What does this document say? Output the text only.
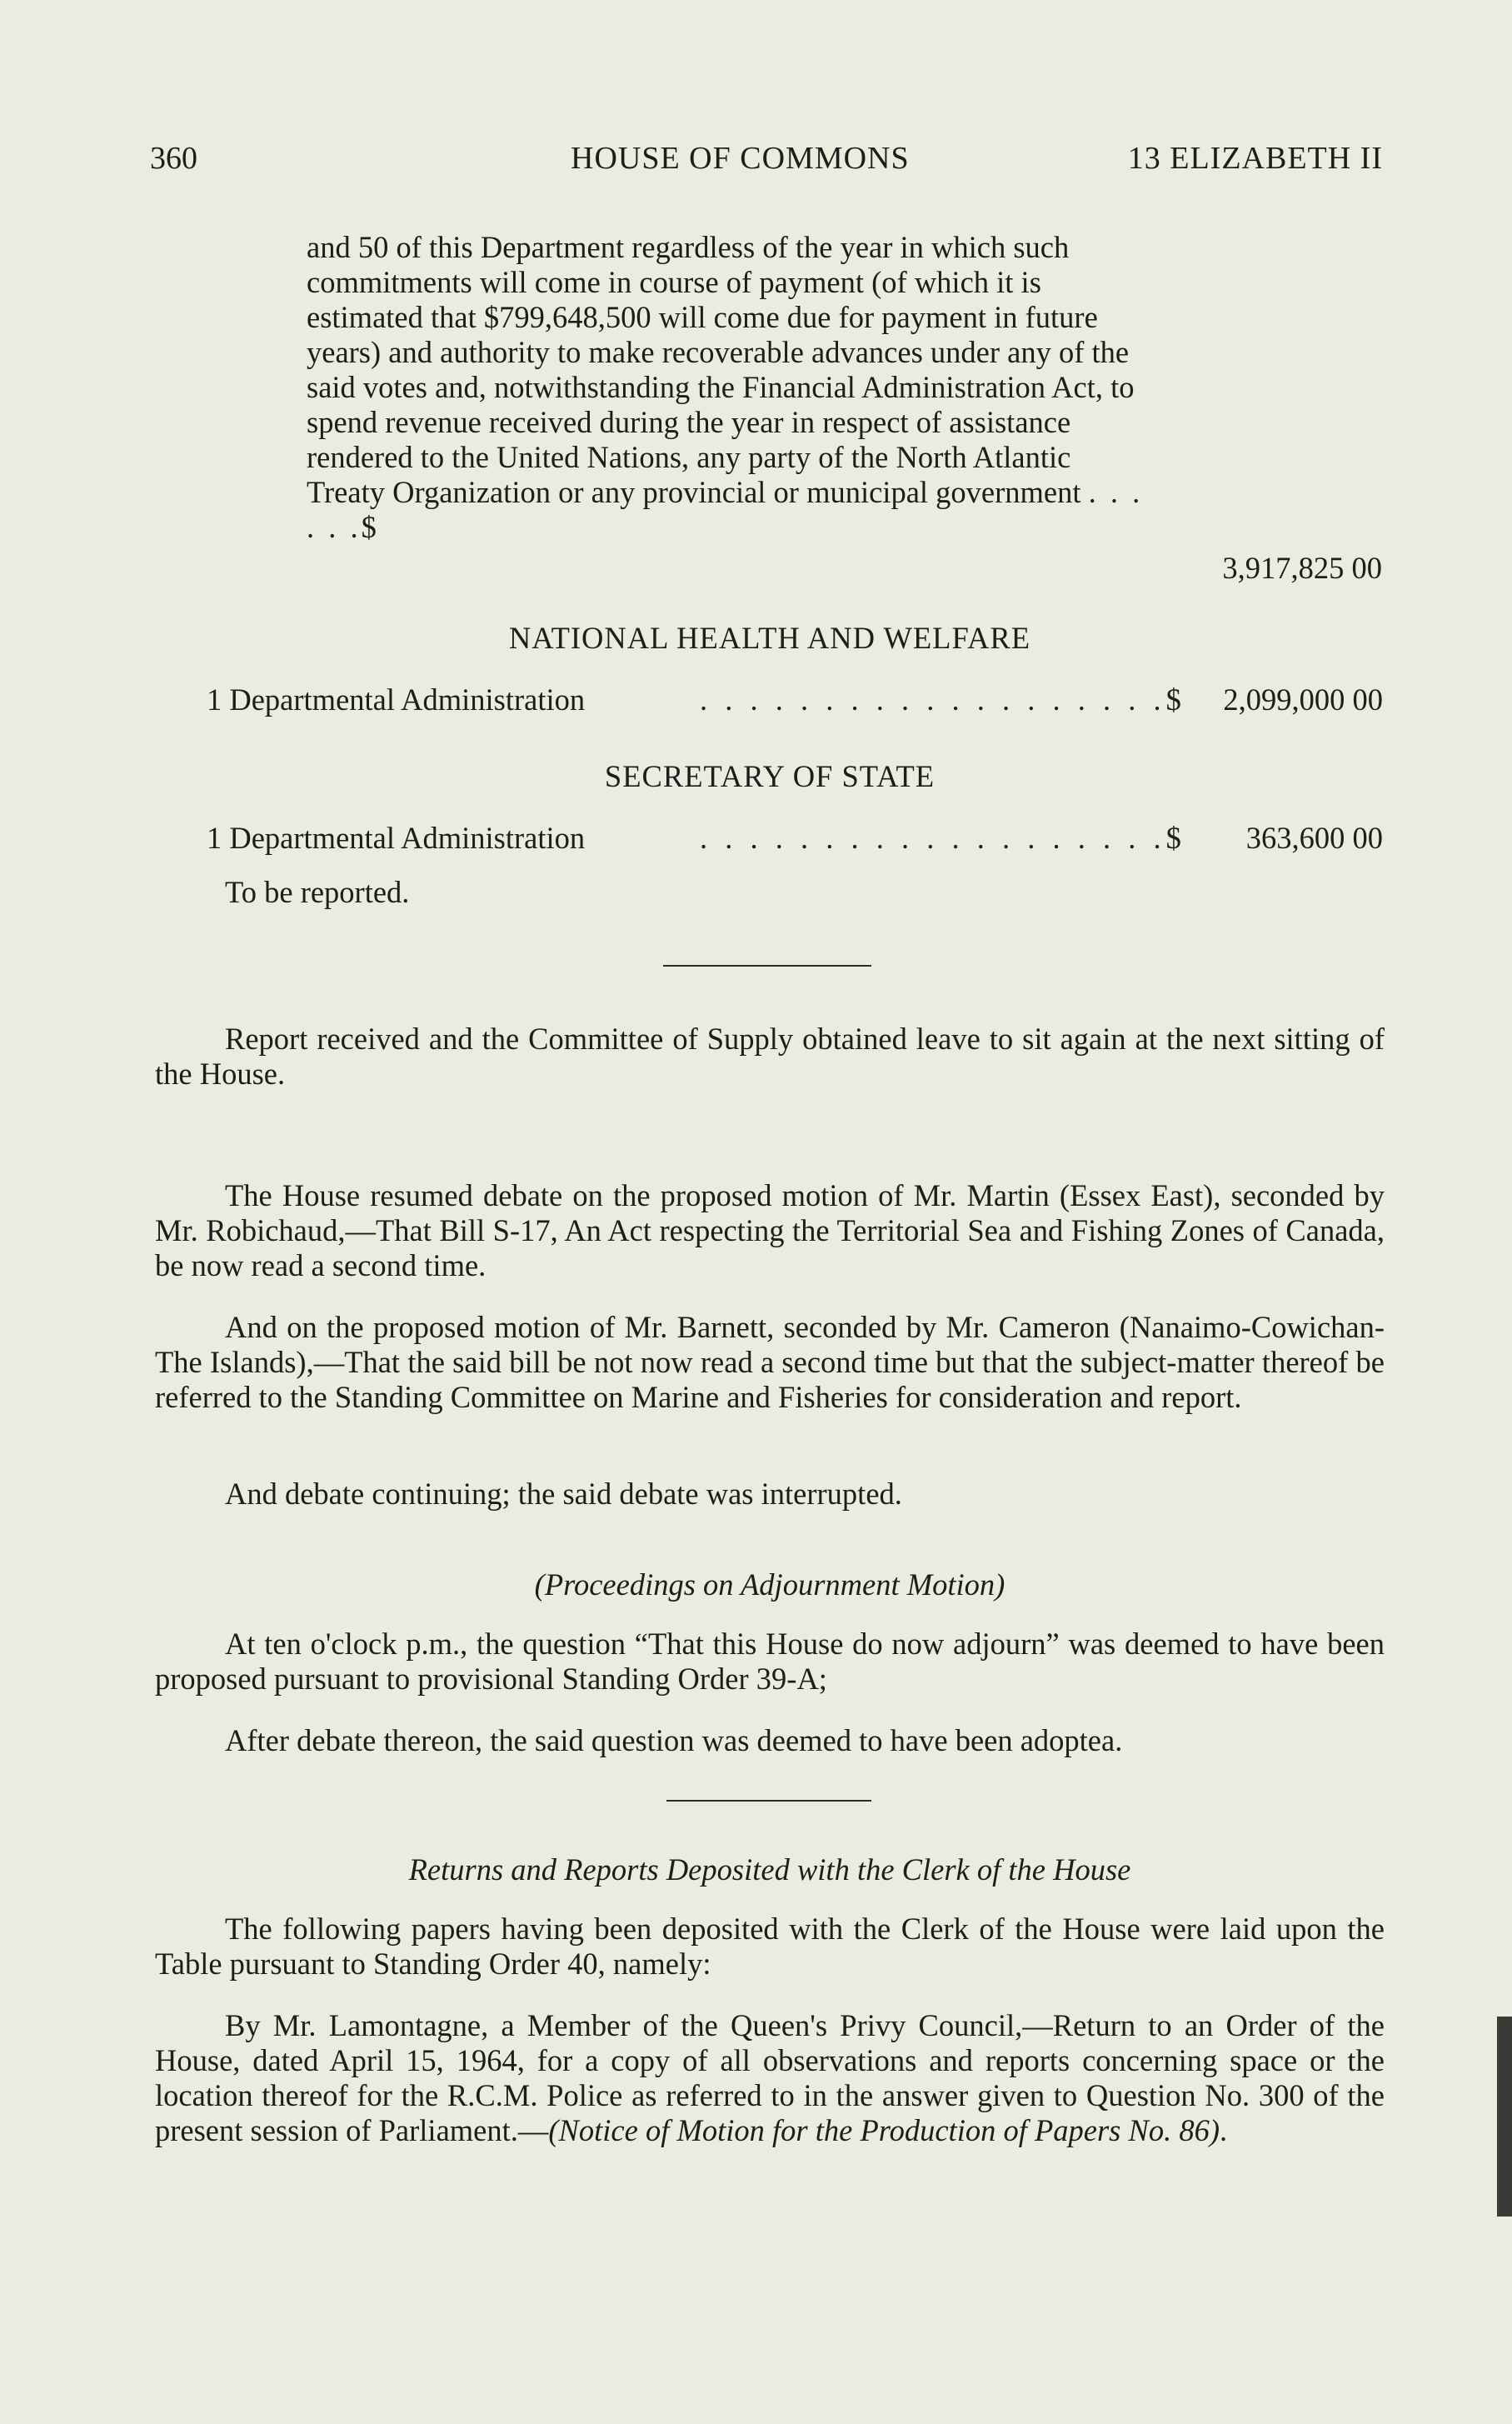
360	HOUSE OF COMMONS	13 ELIZABETH II

and 50 of this Department regardless of the year in which such commitments will come in course of payment (of which it is estimated that $799,648,500 will come due for payment in future years) and authority to make recoverable advances under any of the said votes and, notwithstanding the Financial Administration Act, to spend revenue received during the year in respect of assistance rendered to the United Nations, any party of the North Atlantic Treaty Organization or any provincial or municipal government . . . . . .$

3,917,825 00
NATIONAL HEALTH AND WELFARE
1 Departmental Administration	. . . . . . . . . . . . . . . . . . .$ 2,099,000 00
SECRETARY OF STATE
1 Departmental Administration	. . . . . . . . . . . . . . . . . . .$ 363,600 00
To be reported.

Report received and the Committee of Supply obtained leave to sit again at the next sitting of the House.

The House resumed debate on the proposed motion of Mr. Martin (Essex East), seconded by Mr. Robichaud,—That Bill S-17, An Act respecting the Territorial Sea and Fishing Zones of Canada, be now read a second time.

And on the proposed motion of Mr. Barnett, seconded by Mr. Cameron (Nanaimo-Cowichan-The Islands),—That the said bill be not now read a second time but that the subject-matter thereof be referred to the Standing Committee on Marine and Fisheries for consideration and report.

And debate continuing; the said debate was interrupted.

(Proceedings on Adjournment Motion)

At ten o'clock p.m., the question “That this House do now adjourn” was deemed to have been proposed pursuant to provisional Standing Order 39-A;

After debate thereon, the said question was deemed to have been adoptea.

Returns and Reports Deposited with the Clerk of the House

The following papers having been deposited with the Clerk of the House were laid upon the Table pursuant to Standing Order 40, namely:

By Mr. Lamontagne, a Member of the Queen's Privy Council,—Return to an Order of the House, dated April 15, 1964, for a copy of all observations and reports concerning space or the location thereof for the R.C.M. Police as referred to in the answer given to Question No. 300 of the present session of Parliament.—(Notice of Motion for the Production of Papers No. 86).
